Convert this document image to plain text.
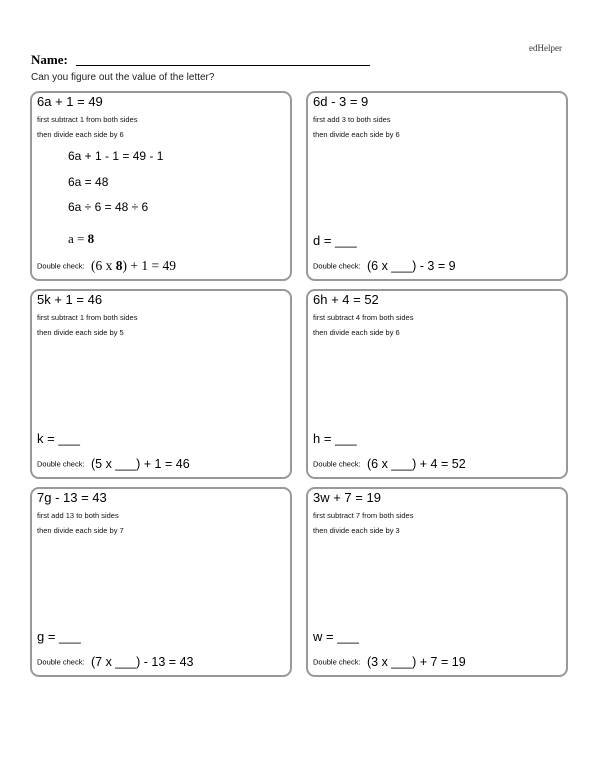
edHelper
Name:
Can you figure out the value of the letter?
6a + 1 = 49
first subtract 1 from both sides
then divide each side by 6
6a + 1 - 1 = 49 - 1
6a = 48
6a ÷ 6 = 48 ÷ 6
a = 8
Double check: (6 x 8) + 1 = 49
6d - 3 = 9
first add 3 to both sides
then divide each side by 6
d = ___
Double check: (6 x ___) - 3 = 9
5k + 1 = 46
first subtract 1 from both sides
then divide each side by 5
k = ___
Double check: (5 x ___) + 1 = 46
6h + 4 = 52
first subtract 4 from both sides
then divide each side by 6
h = ___
Double check: (6 x ___) + 4 = 52
7g - 13 = 43
first add 13 to both sides
then divide each side by 7
g = ___
Double check: (7 x ___) - 13 = 43
3w + 7 = 19
first subtract 7 from both sides
then divide each side by 3
w = ___
Double check: (3 x ___) + 7 = 19
